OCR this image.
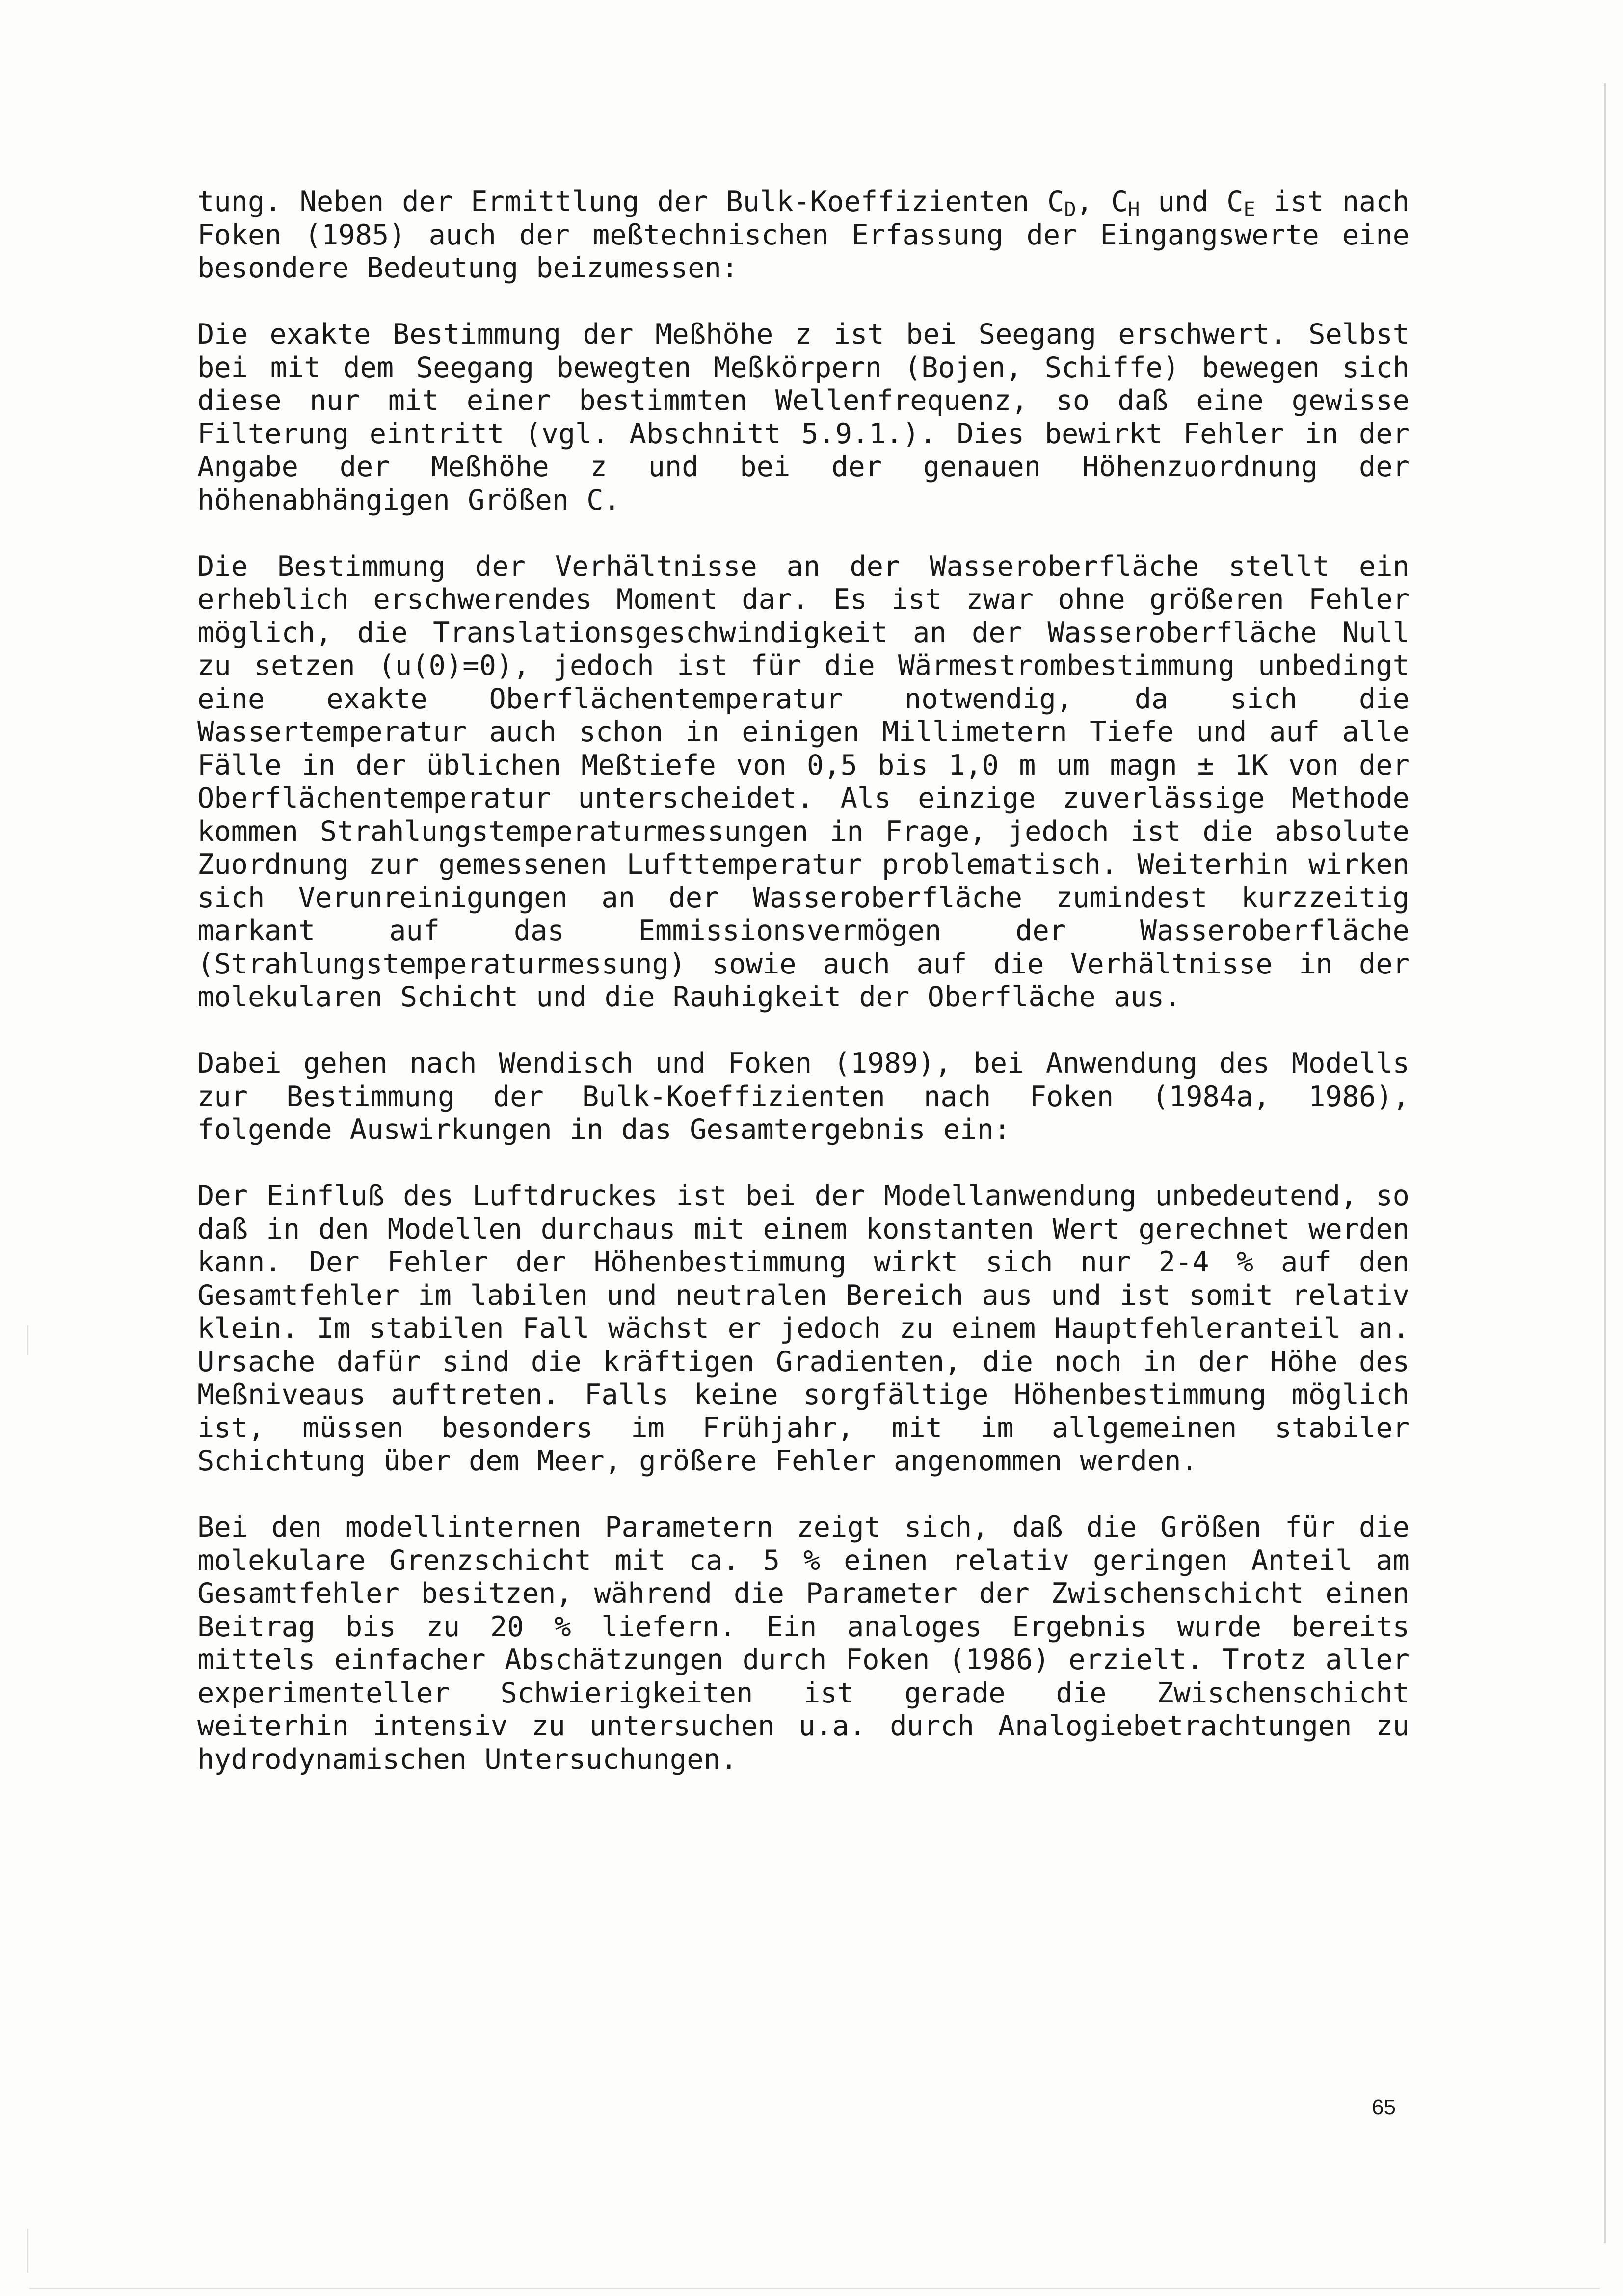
tung. Neben der Ermittlung der Bulk-Koeffizienten $C_D$, $C_H$ und $C_E$ ist nach Foken (1985) auch der meßtechnischen Erfassung der Eingangswerte eine besondere Bedeutung beizumessen:

Die exakte Bestimmung der Meßhöhe z ist bei Seegang erschwert. Selbst bei mit dem Seegang bewegten Meßkörpern (Bojen, Schiffe) bewegen sich diese nur mit einer bestimmten Wellenfrequenz, so daß eine gewisse Filterung eintritt (vgl. Abschnitt 5.9.1.). Dies bewirkt Fehler in der Angabe der Meßhöhe z und bei der genauen Höhenzuordnung der höhenabhängigen Größen C.

Die Bestimmung der Verhältnisse an der Wasseroberfläche stellt ein erheblich erschwerendes Moment dar. Es ist zwar ohne größeren Fehler möglich, die Translationsgeschwindigkeit an der Wasseroberfläche Null zu setzen (u(0)=0), jedoch ist für die Wärmestrombestimmung unbedingt eine exakte Oberflächentemperatur notwendig, da sich die Wassertemperatur auch schon in einigen Millimetern Tiefe und auf alle Fälle in der üblichen Meßtiefe von 0,5 bis 1,0 m um magn ± 1K von der Oberflächentemperatur unterscheidet. Als einzige zuverlässige Methode kommen Strahlungstemperaturmessungen in Frage, jedoch ist die absolute Zuordnung zur gemessenen Lufttemperatur problematisch. Weiterhin wirken sich Verunreinigungen an der Wasseroberfläche zumindest kurzzeitig markant auf das Emmissionsvermögen der Wasseroberfläche (Strahlungstemperaturmessung) sowie auch auf die Verhältnisse in der molekularen Schicht und die Rauhigkeit der Oberfläche aus.

Dabei gehen nach Wendisch und Foken (1989), bei Anwendung des Modells zur Bestimmung der Bulk-Koeffizienten nach Foken (1984a, 1986), folgende Auswirkungen in das Gesamtergebnis ein:

Der Einfluß des Luftdruckes ist bei der Modellanwendung unbedeutend, so daß in den Modellen durchaus mit einem konstanten Wert gerechnet werden kann. Der Fehler der Höhenbestimmung wirkt sich nur 2-4 % auf den Gesamtfehler im labilen und neutralen Bereich aus und ist somit relativ klein. Im stabilen Fall wächst er jedoch zu einem Hauptfehleranteil an. Ursache dafür sind die kräftigen Gradienten, die noch in der Höhe des Meßniveaus auftreten. Falls keine sorgfältige Höhenbestimmung möglich ist, müssen besonders im Frühjahr, mit im allgemeinen stabiler Schichtung über dem Meer, größere Fehler angenommen werden.

Bei den modellinternen Parametern zeigt sich, daß die Größen für die molekulare Grenzschicht mit ca. 5 % einen relativ geringen Anteil am Gesamtfehler besitzen, während die Parameter der Zwischenschicht einen Beitrag bis zu 20 % liefern. Ein analoges Ergebnis wurde bereits mittels einfacher Abschätzungen durch Foken (1986) erzielt. Trotz aller experimenteller Schwierigkeiten ist gerade die Zwischenschicht weiterhin intensiv zu untersuchen u.a. durch Analogiebetrachtungen zu hydrodynamischen Untersuchungen.

65
